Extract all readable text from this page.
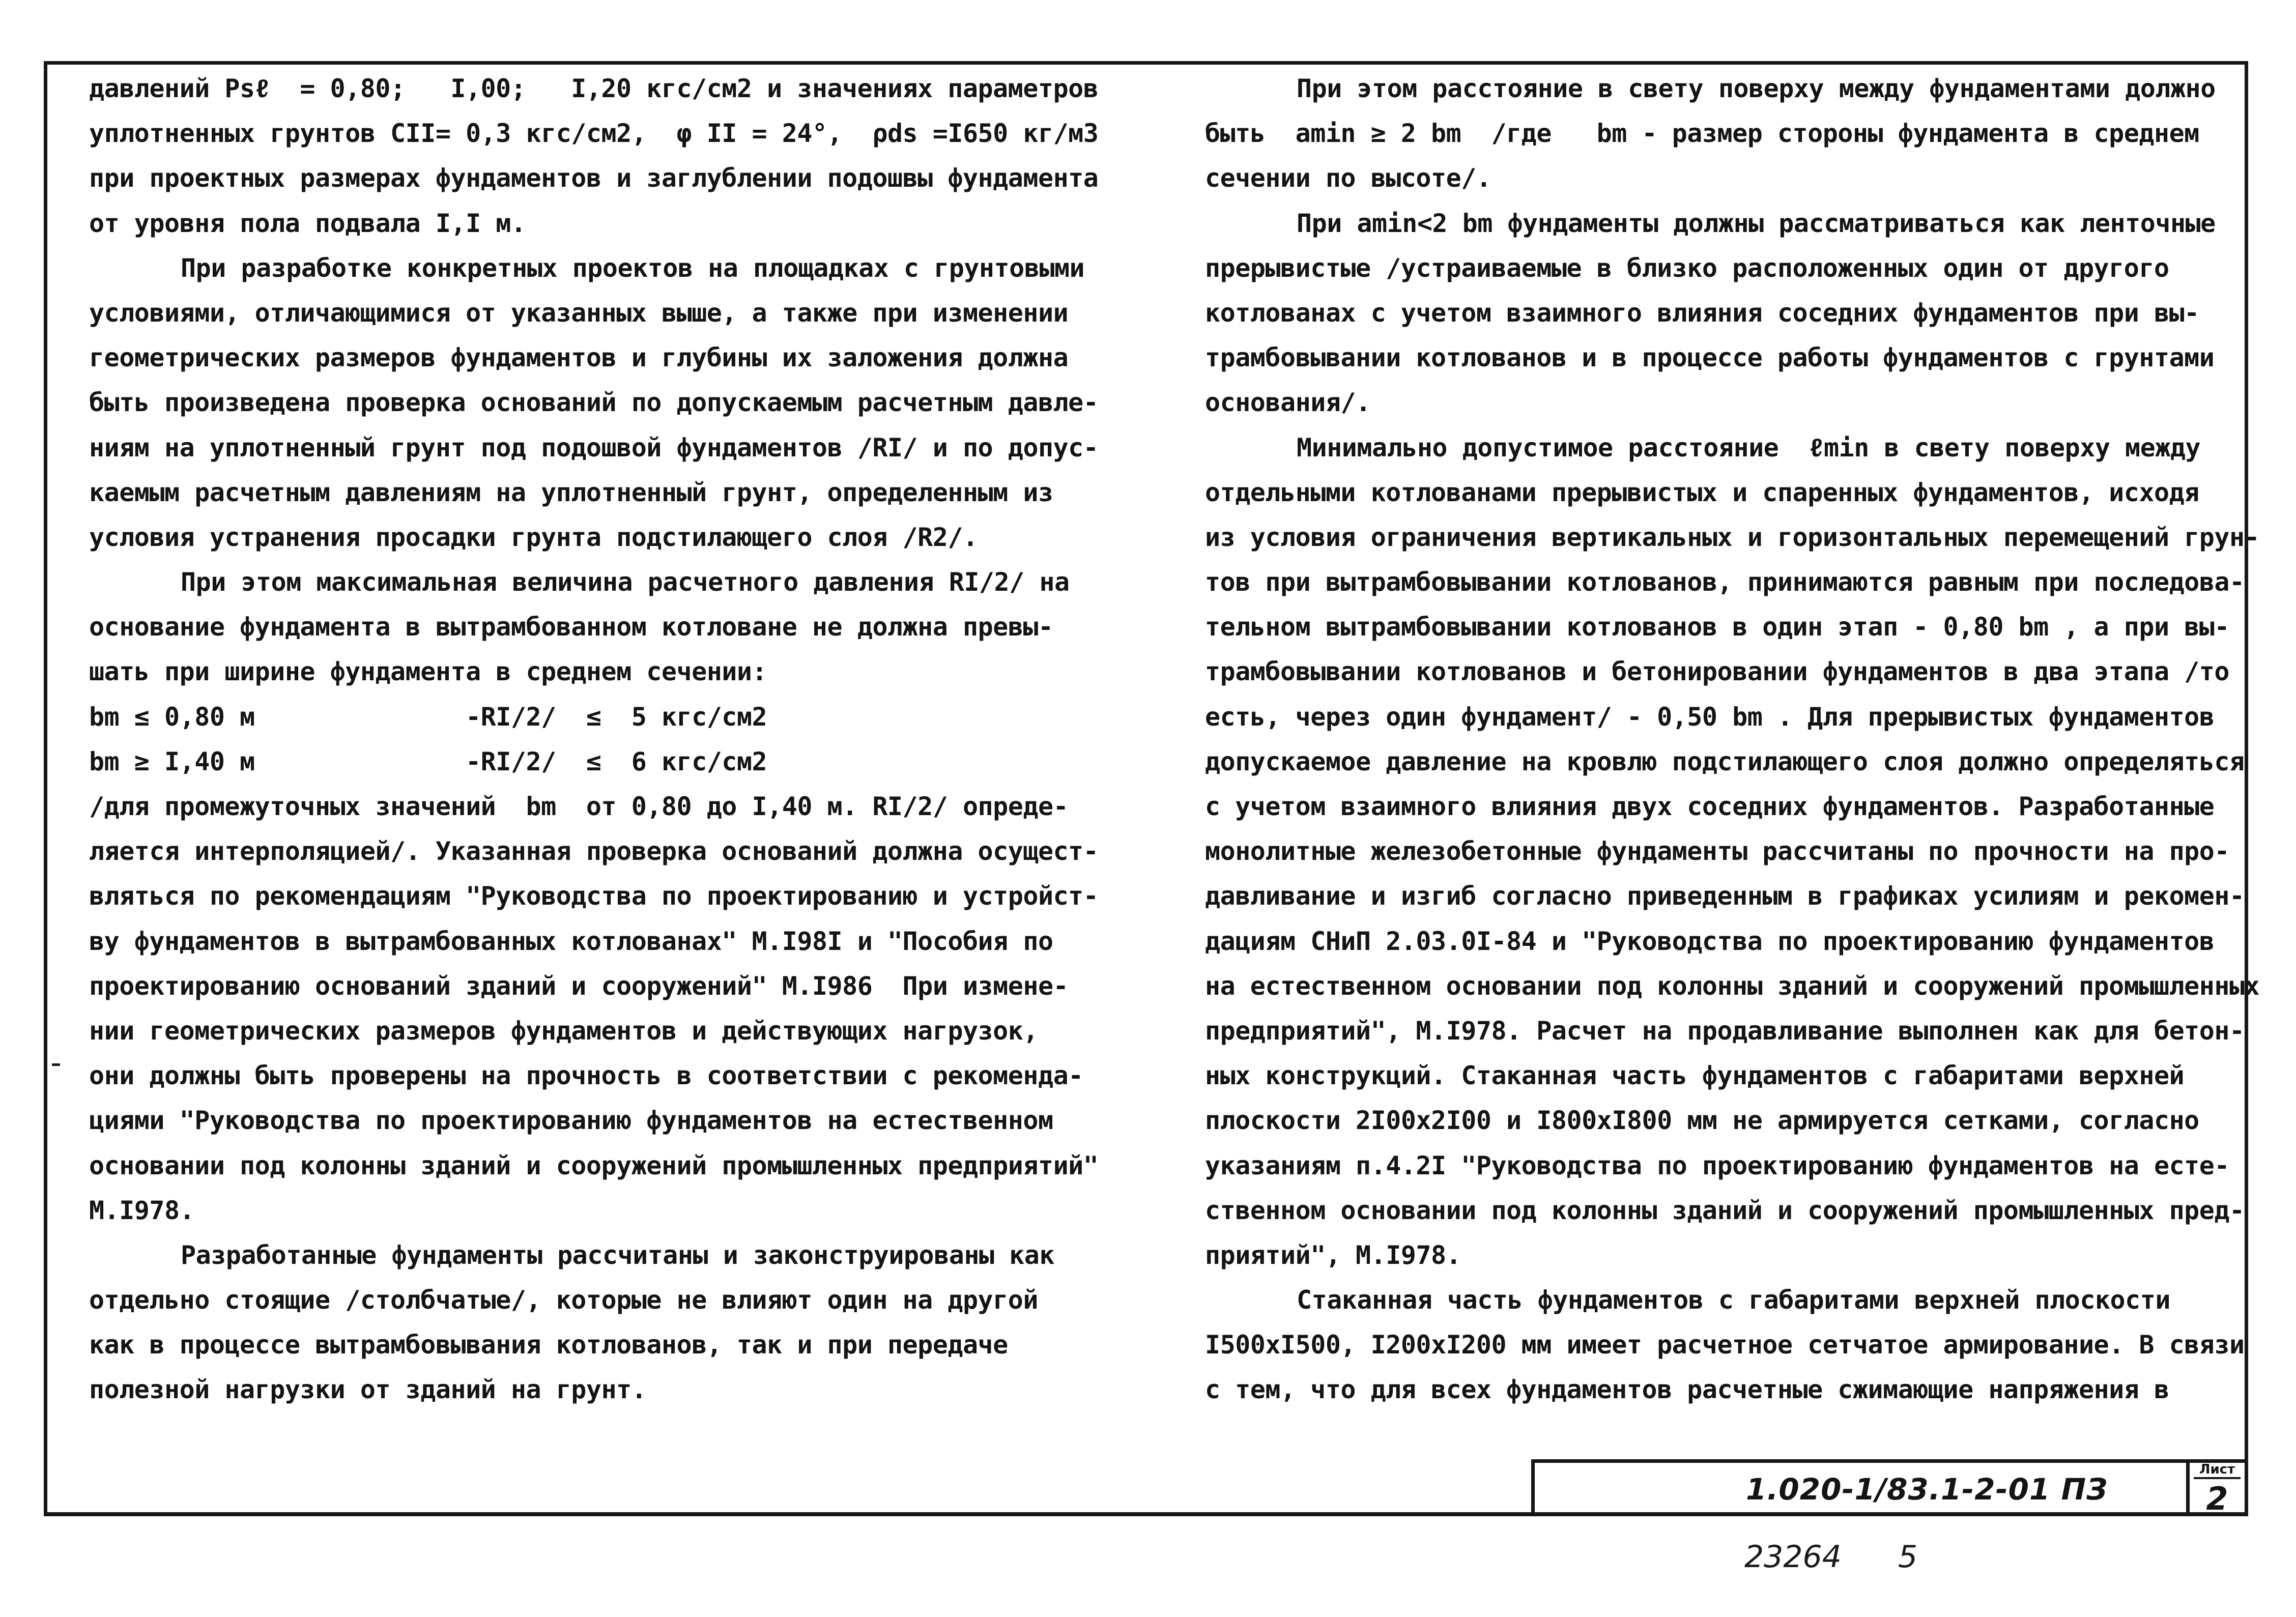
давлений Psℓ  = 0,80;   I,00;   I,20 кгс/см2 и значениях параметров
уплотненных грунтов CII= 0,3 кгс/см2,  φ II = 24°,  ρds =I650 кг/м3
при проектных размерах фундаментов и заглублении подошвы фундамента
от уровня пола подвала I,I м.
При разработке конкретных проектов на площадках с грунтовыми
условиями, отличающимися от указанных выше, а также при изменении
геометрических размеров фундаментов и глубины их заложения должна
быть произведена проверка оснований по допускаемым расчетным давле-
ниям на уплотненный грунт под подошвой фундаментов /RI/ и по допус-
каемым расчетным давлениям на уплотненный грунт, определенным из
условия устранения просадки грунта подстилающего слоя /R2/.
При этом максимальная величина расчетного давления RI/2/ на
основание фундамента в вытрамбованном котловане не должна превы-
шать при ширине фундамента в среднем сечении:
bm ≤ 0,80 м              -RI/2/  ≤  5 кгс/см2
bm ≥ I,40 м              -RI/2/  ≤  6 кгс/см2
/для промежуточных значений  bm  от 0,80 до I,40 м. RI/2/ опреде-
ляется интерполяцией/. Указанная проверка оснований должна осущест-
вляться по рекомендациям "Руководства по проектированию и устройст-
ву фундаментов в вытрамбованных котлованах" М.I98I и "Пособия по
проектированию оснований зданий и сооружений" М.I986  При измене-
нии геометрических размеров фундаментов и действующих нагрузок,
они должны быть проверены на прочность в соответствии с рекоменда-
циями "Руководства по проектированию фундаментов на естественном
основании под колонны зданий и сооружений промышленных предприятий"
М.I978.
Разработанные фундаменты рассчитаны и законструированы как
отдельно стоящие /столбчатые/, которые не влияют один на другой
как в процессе вытрамбовывания котлованов, так и при передаче
полезной нагрузки от зданий на грунт.
При этом расстояние в свету поверху между фундаментами должно
быть  amin ≥ 2 bm  /где   bm - размер стороны фундамента в среднем
сечении по высоте/.
При amin<2 bm фундаменты должны рассматриваться как ленточные
прерывистые /устраиваемые в близко расположенных один от другого
котлованах с учетом взаимного влияния соседних фундаментов при вы-
трамбовывании котлованов и в процессе работы фундаментов с грунтами
основания/.
Минимально допустимое расстояние  ℓmin в свету поверху между
отдельными котлованами прерывистых и спаренных фундаментов, исходя
из условия ограничения вертикальных и горизонтальных перемещений грун-
тов при вытрамбовывании котлованов, принимаются равным при последова-
тельном вытрамбовывании котлованов в один этап - 0,80 bm , а при вы-
трамбовывании котлованов и бетонировании фундаментов в два этапа /то
есть, через один фундамент/ - 0,50 bm . Для прерывистых фундаментов
допускаемое давление на кровлю подстилающего слоя должно определяться
с учетом взаимного влияния двух соседних фундаментов. Разработанные
монолитные железобетонные фундаменты рассчитаны по прочности на про-
давливание и изгиб согласно приведенным в графиках усилиям и рекомен-
дациям СНиП 2.03.0I-84 и "Руководства по проектированию фундаментов
на естественном основании под колонны зданий и сооружений промышленных
предприятий", М.I978. Расчет на продавливание выполнен как для бетон-
ных конструкций. Стаканная часть фундаментов с габаритами верхней
плоскости 2I00x2I00 и I800xI800 мм не армируется сетками, согласно
указаниям п.4.2I "Руководства по проектированию фундаментов на есте-
ственном основании под колонны зданий и сооружений промышленных пред-
приятий", М.I978.
Стаканная часть фундаментов с габаритами верхней плоскости
I500xI500, I200xI200 мм имеет расчетное сетчатое армирование. В связи
с тем, что для всех фундаментов расчетные сжимающие напряжения в
1.020-1/83.1-2-01 ПЗ
Лист
2
23264 5
